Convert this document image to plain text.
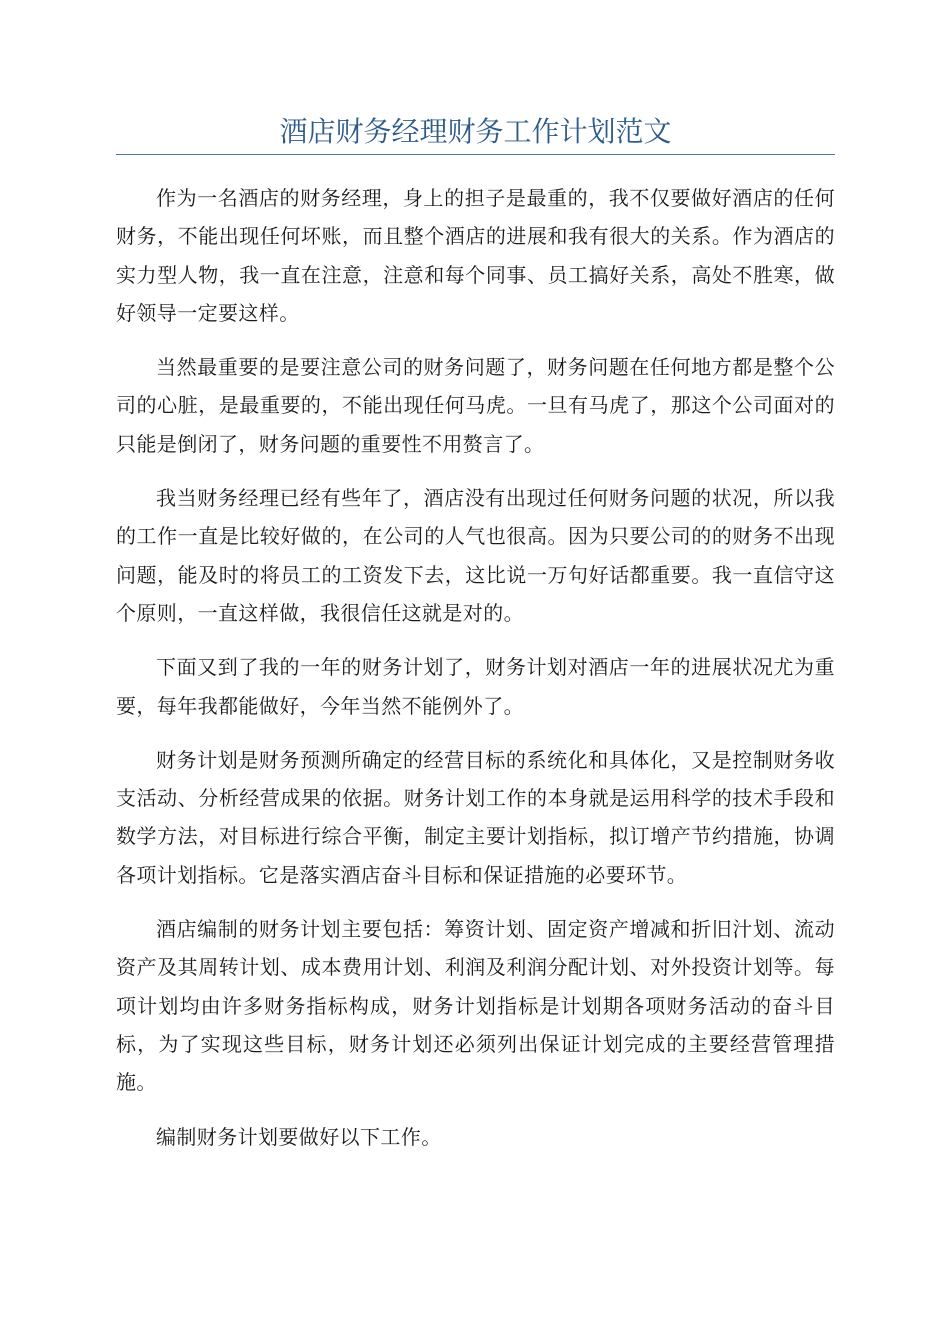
酒店财务经理财务工作计划范文

作为一名酒店的财务经理，身上的担子是最重的，我不仅要做好酒店的任何财务，不能出现任何坏账，而且整个酒店的进展和我有很大的关系。作为酒店的实力型人物，我一直在注意，注意和每个同事、员工搞好关系，高处不胜寒，做好领导一定要这样。

当然最重要的是要注意公司的财务问题了，财务问题在任何地方都是整个公司的心脏，是最重要的，不能出现任何马虎。一旦有马虎了，那这个公司面对的只能是倒闭了，财务问题的重要性不用赘言了。

我当财务经理已经有些年了，酒店没有出现过任何财务问题的状况，所以我的工作一直是比较好做的，在公司的人气也很高。因为只要公司的的财务不出现问题，能及时的将员工的工资发下去，这比说一万句好话都重要。我一直信守这个原则，一直这样做，我很信任这就是对的。

下面又到了我的一年的财务计划了，财务计划对酒店一年的进展状况尤为重要，每年我都能做好，今年当然不能例外了。

财务计划是财务预测所确定的经营目标的系统化和具体化，又是控制财务收支活动、分析经营成果的依据。财务计划工作的本身就是运用科学的技术手段和数学方法，对目标进行综合平衡，制定主要计划指标，拟订增产节约措施，协调各项计划指标。它是落实酒店奋斗目标和保证措施的必要环节。

酒店编制的财务计划主要包括：筹资计划、固定资产增减和折旧汁划、流动资产及其周转计划、成本费用计划、利润及利润分配计划、对外投资计划等。每项计划均由许多财务指标构成，财务计划指标是计划期各项财务活动的奋斗目标，为了实现这些目标，财务计划还必须列出保证计划完成的主要经营管理措施。

编制财务计划要做好以下工作。
